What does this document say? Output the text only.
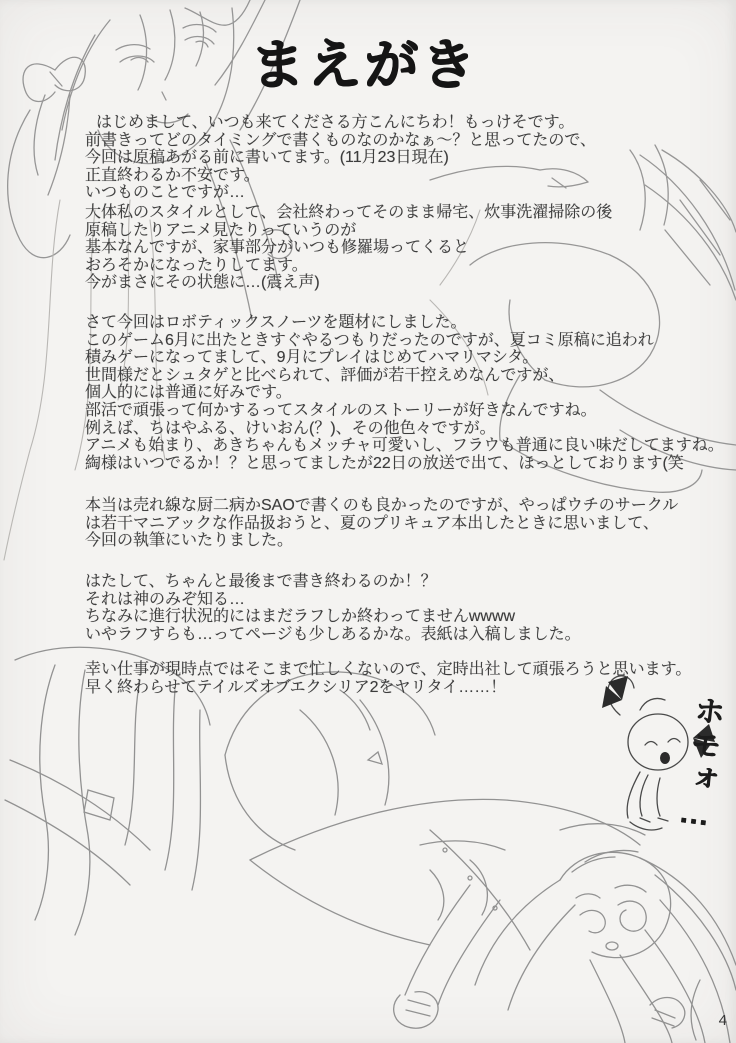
まえがき
はじめまして、いつも来てくださる方こんにちわ！もっけそです。
前書きってどのタイミングで書くものなのかなぁ～？と思ってたので、
今回は原稿あがる前に書いてます。(11月23日現在)
正直終わるか不安です。
いつものことですが…
大体私のスタイルとして、会社終わってそのまま帰宅、炊事洗濯掃除の後
原稿したりアニメ見たりっていうのが
基本なんですが、家事部分がいつも修羅場ってくると
おろそかになったりしてます。
今がまさにその状態に…(震え声)
さて今回はロボティックスノーツを題材にしました。
このゲーム6月に出たときすぐやるつもりだったのですが、夏コミ原稿に追われ
積みゲーになってまして、9月にプレイはじめてハマリマシタ。
世間様だとシュタゲと比べられて、評価が若干控えめなんですが、
個人的には普通に好みです。
部活で頑張って何かするってスタイルのストーリーが好きなんですね。
例えば、ちはやふる、けいおん(？)、その他色々ですが。
アニメも始まり、あきちゃんもメッチャ可愛いし、フラウも普通に良い味だしてますね。
綯様はいつでるか！？と思ってましたが22日の放送で出て、ほっとしております(笑
本当は売れ線な厨二病かSAOで書くのも良かったのですが、やっぱウチのサークル
は若干マニアックな作品扱おうと、夏のプリキュア本出したときに思いまして、
今回の執筆にいたりました。
はたして、ちゃんと最後まで書き終わるのか！？
それは神のみぞ知る…
ちなみに進行状況的にはまだラフしか終わってませんwwww
いやラフすらも…ってページも少しあるかな。表紙は入稿しました。
幸い仕事が現時点ではそこまで忙しくないので、定時出社して頑張ろうと思います。
早く終わらせてテイルズオブエクシリア2をヤリタイ……！
ホモォ…
4
